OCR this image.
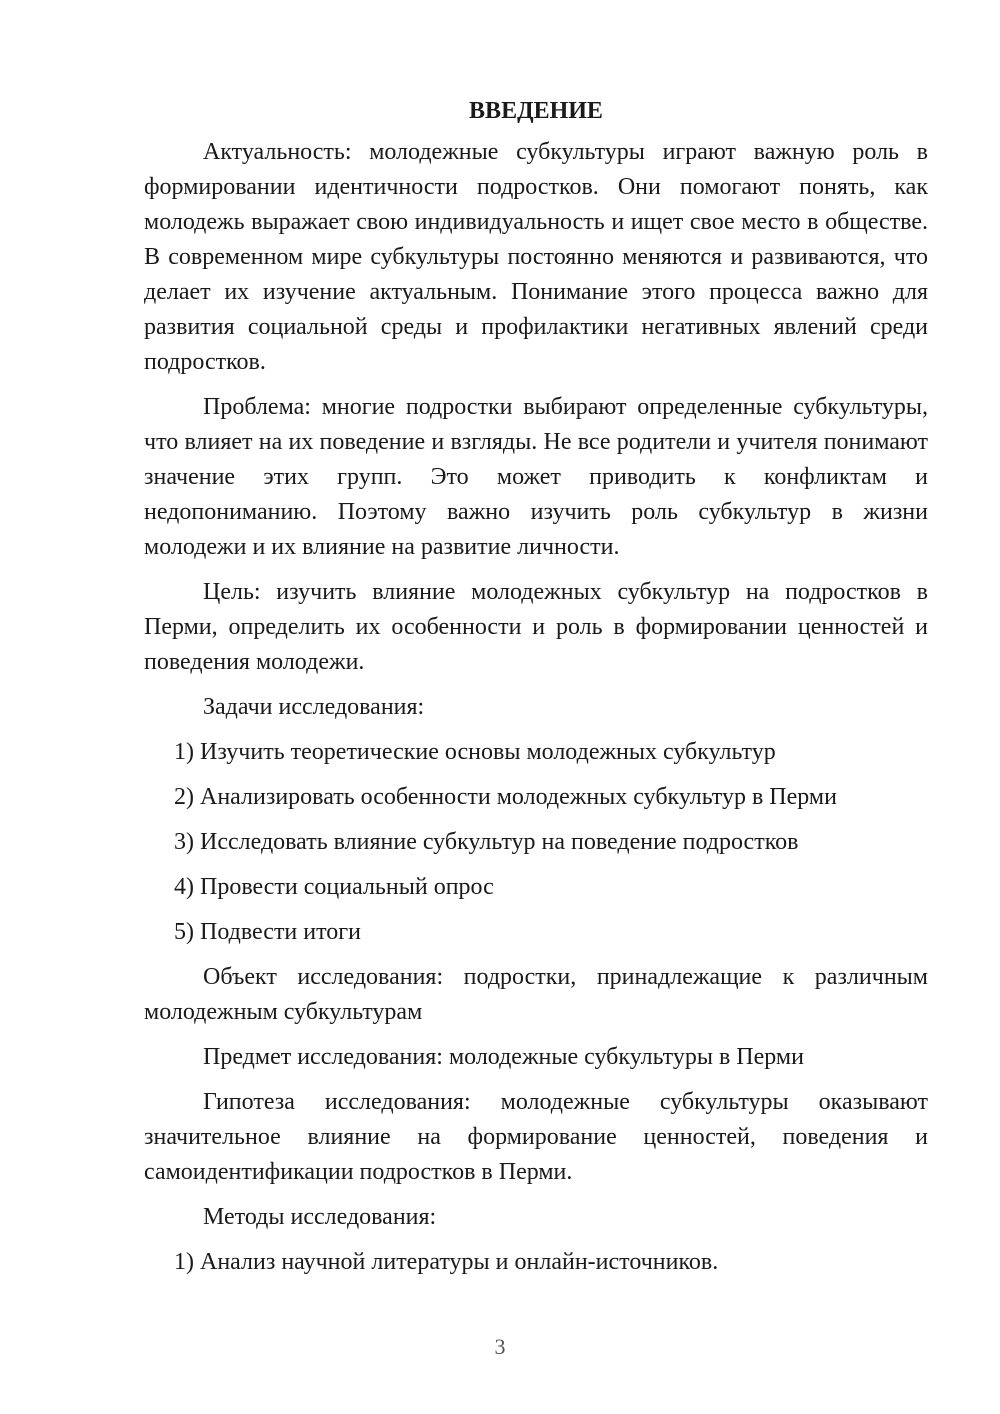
ВВЕДЕНИЕ
Актуальность: молодежные субкультуры играют важную роль в формировании идентичности подростков. Они помогают понять, как молодежь выражает свою индивидуальность и ищет свое место в обществе. В современном мире субкультуры постоянно меняются и развиваются, что делает их изучение актуальным. Понимание этого процесса важно для развития социальной среды и профилактики негативных явлений среди подростков.
Проблема: многие подростки выбирают определенные субкультуры, что влияет на их поведение и взгляды. Не все родители и учителя понимают значение этих групп. Это может приводить к конфликтам и недопониманию. Поэтому важно изучить роль субкультур в жизни молодежи и их влияние на развитие личности.
Цель: изучить влияние молодежных субкультур на подростков в Перми, определить их особенности и роль в формировании ценностей и поведения молодежи.
Задачи исследования:
1) Изучить теоретические основы молодежных субкультур
2) Анализировать особенности молодежных субкультур в Перми
3) Исследовать влияние субкультур на поведение подростков
4) Провести социальный опрос
5) Подвести итоги
Объект исследования: подростки, принадлежащие к различным молодежным субкультурам
Предмет исследования: молодежные субкультуры в Перми
Гипотеза исследования: молодежные субкультуры оказывают значительное влияние на формирование ценностей, поведения и самоидентификации подростков в Перми.
Методы исследования:
1) Анализ научной литературы и онлайн-источников.
3
